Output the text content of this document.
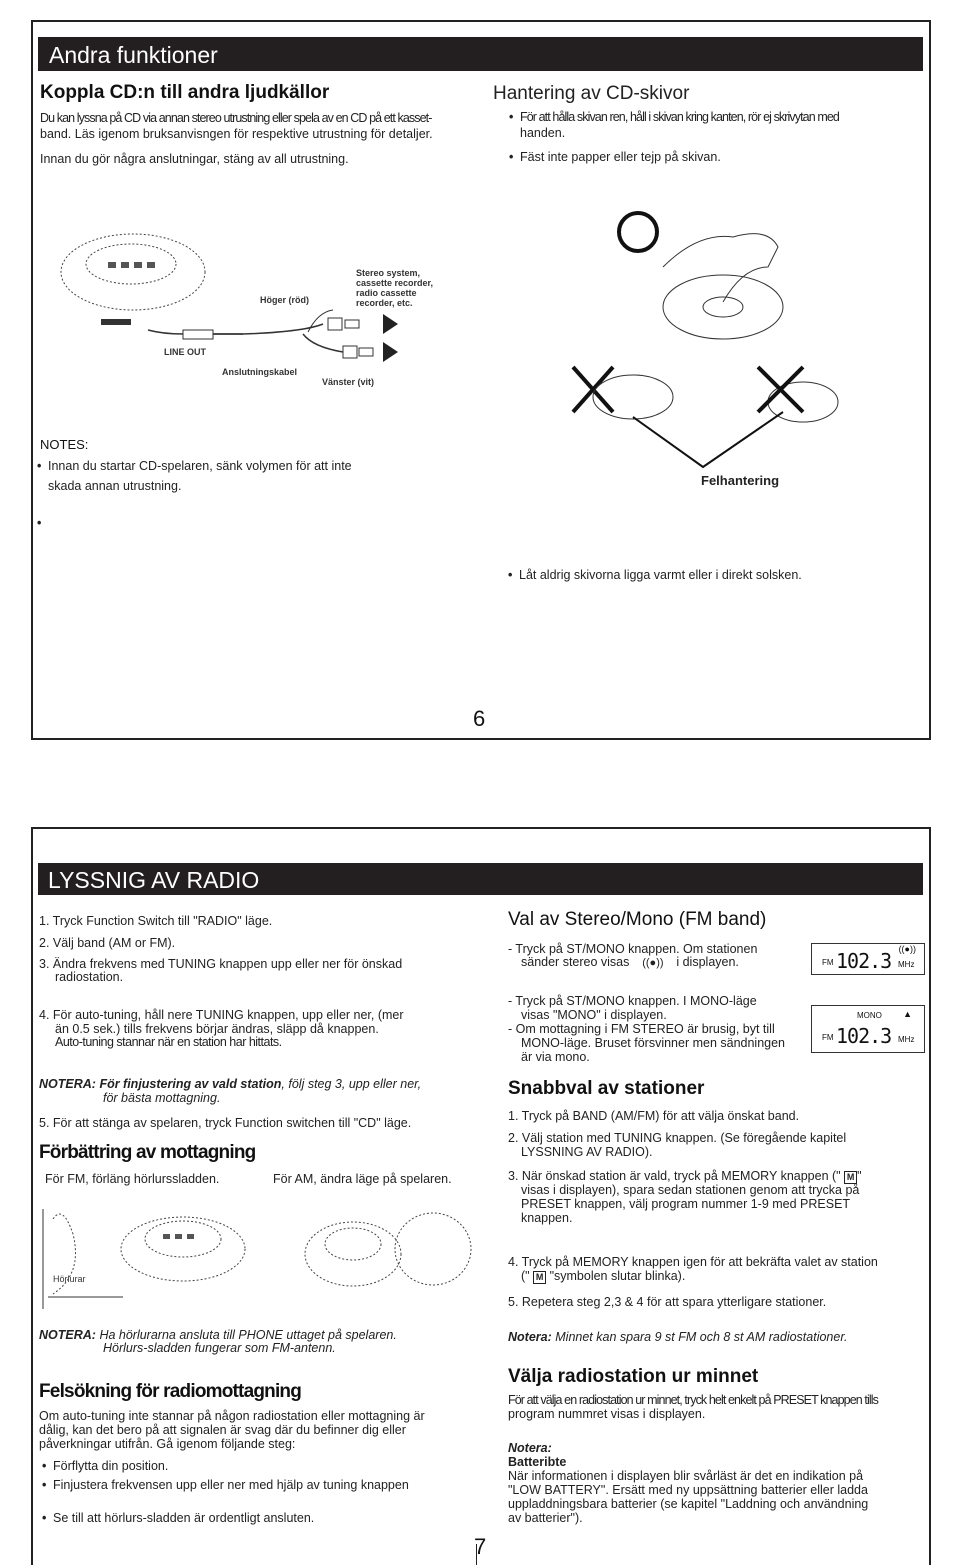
Andra funktioner
Koppla CD:n till andra ljudkällor
Du kan lyssna på CD via annan stereo utrustning eller spela av en CD på ett kasset-
band. Läs igenom bruksanvisngen för respektive utrustning för detaljer.
Innan du gör några anslutningar, stäng av all utrustning.
Hantering av CD-skivor
• För att hålla skivan ren, håll i skivan kring kanten, rör ej skrivytan med
handen.
• Fäst inte papper eller tejp på skivan.
Höger (röd)
Stereo system,
cassette recorder,
radio cassette
recorder, etc.
LINE OUT
Anslutningskabel
Vänster (vit)
NOTES:
• Innan du startar CD-spelaren, sänk volymen för att inte
skada annan utrustning.	Felhantering
• Låt aldrig skivorna ligga varmt eller i direkt solsken.
6
LYSSNIG AV RADIO
1. Tryck Function Switch till "RADIO" läge.
2. Välj band (AM or FM).
3. Ändra frekvens med TUNING knappen upp eller ner för önskad
radiostation.
4. För auto-tuning, håll nere TUNING knappen, upp eller ner, (mer
än 0.5 sek.) tills frekvens börjar ändras, släpp då knappen.
Auto-tuning stannar när en station har hittats.
NOTERA: För finjustering av vald station, följ steg 3, upp eller ner,
för bästa mottagning.
5. För att stänga av spelaren, tryck Function switchen till "CD" läge.
Förbättring av mottagning
För FM, förläng hörlurssladden.	För AM, ändra läge på spelaren.
Hörlurar
NOTERA: Ha hörlurarna ansluta till PHONE uttaget på spelaren.
Hörlurs-sladden fungerar som FM-antenn.
Felsökning för radiomottagning
Om auto-tuning inte stannar på någon radiostation eller mottagning är
dålig, kan det bero på att signalen är svag där du befinner dig eller
påverkningar utifrån. Gå igenom följande steg:
• Förflytta din position.
• Finjustera frekvensen upp eller ner med hjälp av tuning knappen
• Se till att hörlurs-sladden är ordentligt ansluten.
Val av Stereo/Mono (FM band)
- Tryck på ST/MONO knappen. Om stationen
sänder stereo visas ((●)) i displayen.
((●))
FM 102.3 MHz
- Tryck på ST/MONO knappen. I MONO-läge
visas "MONO" i displayen.
- Om mottagning i FM STEREO är brusig, byt till
MONO-läge. Bruset försvinner men sändningen
är via mono.
MONO ▲
FM 102.3 MHz
Snabbval av stationer
1. Tryck på BAND (AM/FM) för att välja önskat band.
2. Välj station med TUNING knappen. (Se föregående kapitel
LYSSNING AV RADIO).
3. När önskad station är vald, tryck på MEMORY knappen (" M "
visas i displayen), spara sedan stationen genom att trycka på
PRESET knappen, välj program nummer 1-9 med PRESET
knappen.
4. Tryck på MEMORY knappen igen för att bekräfta valet av station
(" M "symbolen slutar blinka).
5. Repetera steg 2,3 & 4 för att spara ytterligare stationer.
Notera: Minnet kan spara 9 st FM och 8 st AM radiostationer.
Välja radiostation ur minnet
För att välja en radiostation ur minnet, tryck helt enkelt på PRESET knappen tills
program nummret visas i displayen.
Notera:
Batteribte
När informationen i displayen blir svårläst är det en indikation på
"LOW BATTERY". Ersätt med ny uppsättning batterier eller ladda
uppladdningsbara batterier (se kapitel "Laddning och användning
av batterier").
7
